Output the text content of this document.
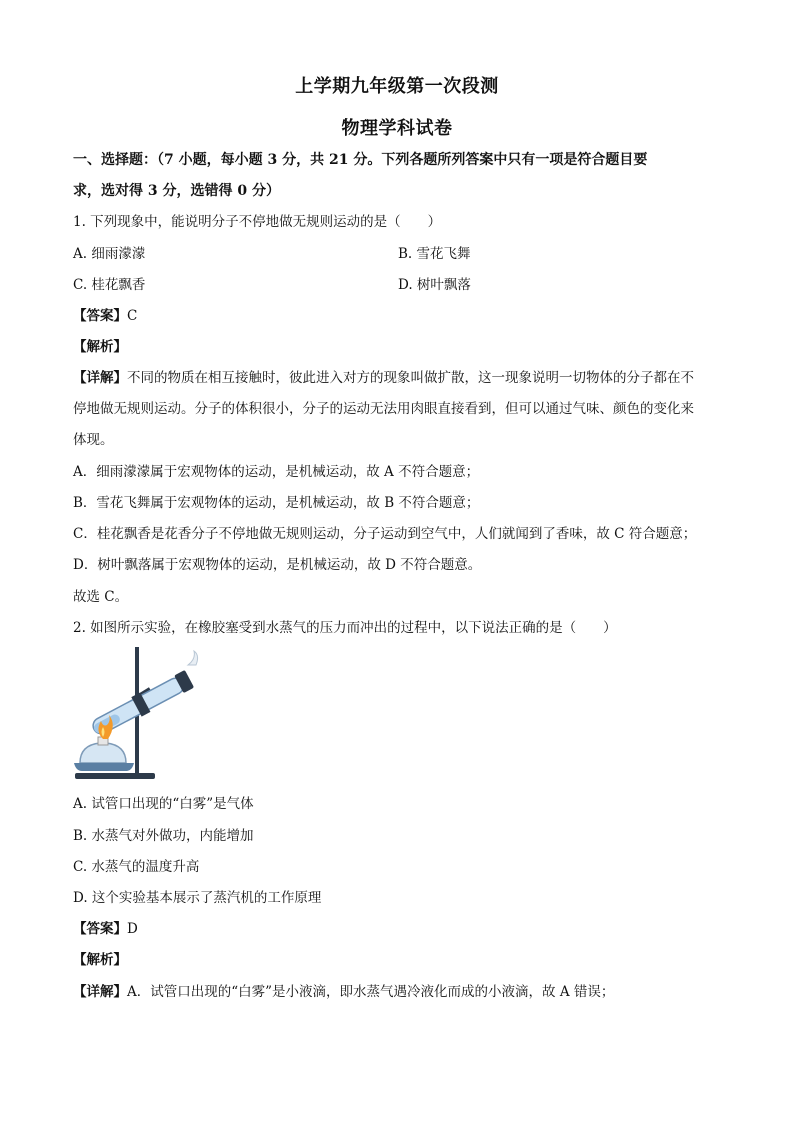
上学期九年级第一次段测
物理学科试卷
一、选择题：（7 小题，每小题 3 分，共 21 分。下列各题所列答案中只有一项是符合题目要
求，选对得 3 分，选错得 0 分）
1. 下列现象中，能说明分子不停地做无规则运动的是（　　）
A. 细雨濛濛	B. 雪花飞舞
C. 桂花飘香	D. 树叶飘落
【答案】C
【解析】
【详解】不同的物质在相互接触时，彼此进入对方的现象叫做扩散，这一现象说明一切物体的分子都在不
停地做无规则运动。分子的体积很小，分子的运动无法用肉眼直接看到，但可以通过气味、颜色的变化来
体现。
A．细雨濛濛属于宏观物体的运动，是机械运动，故 A 不符合题意；
B．雪花飞舞属于宏观物体的运动，是机械运动，故 B 不符合题意；
C．桂花飘香是花香分子不停地做无规则运动，分子运动到空气中，人们就闻到了香味，故 C 符合题意；
D．树叶飘落属于宏观物体的运动，是机械运动，故 D 不符合题意。
故选 C。
2. 如图所示实验，在橡胶塞受到水蒸气的压力而冲出的过程中，以下说法正确的是（　　）
A. 试管口出现的“白雾”是气体
B. 水蒸气对外做功，内能增加
C. 水蒸气的温度升高
D. 这个实验基本展示了蒸汽机的工作原理
【答案】D
【解析】
【详解】A．试管口出现的“白雾”是小液滴，即水蒸气遇冷液化而成的小液滴，故 A 错误；
